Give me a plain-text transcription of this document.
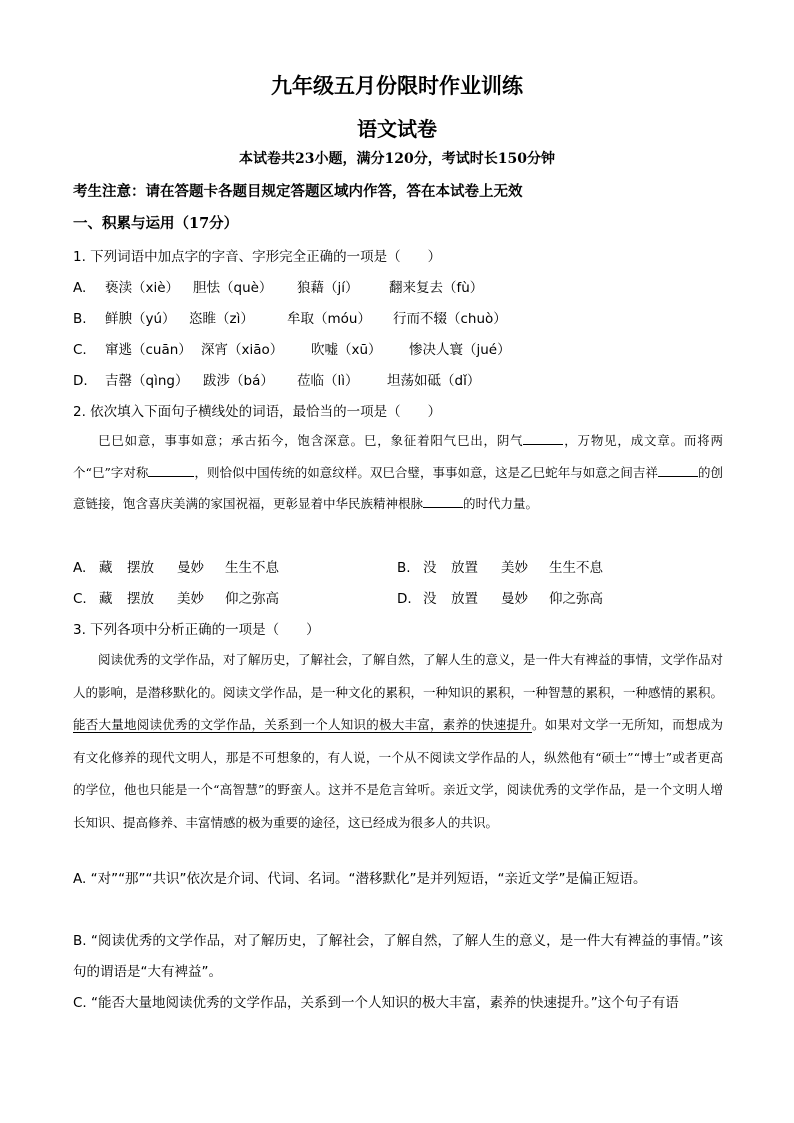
九年级五月份限时作业训练
语文试卷
本试卷共23小题，满分120分，考试时长150分钟
考生注意：请在答题卡各题目规定答题区域内作答，答在本试卷上无效
一、积累与运用（17分）
1. 下列词语中加点字的字音、字形完全正确的一项是（　　）
A. 亵渎（xiè） 胆怯（què） 狼藉（jí） 翻来复去（fù）
B. 鲜腴（yú） 恣睢（zì） 牟取（móu） 行而不辍（chuò）
C. 窜逃（cuān） 深宵（xiāo） 吹嘘（xū） 惨决人寰（jué）
D. 吉罄（qìng） 跋涉（bá） 莅临（lì） 坦荡如砥（dǐ）
2. 依次填入下面句子横线处的词语，最恰当的一项是（　　）

巳巳如意，事事如意；承古拓今，饱含深意。巳，象征着阳气巳出，阴气	，万物见，成文章。而将两个“巳”字对称	，则恰似中国传统的如意纹样。双巳合璧，事事如意，这是乙巳蛇年与如意之间吉祥	的创意链接，饱含喜庆美满的家国祝福，更彰显着中华民族精神根脉	的时代力量。

A. 藏 摆放 曼妙 生生不息	B. 没 放置 美妙 生生不息
C. 藏 摆放 美妙 仰之弥高	D. 没 放置 曼妙 仰之弥高
3. 下列各项中分析正确的一项是（　　）

阅读优秀的文学作品，对了解历史，了解社会，了解自然，了解人生的意义，是一件大有裨益的事情，文学作品对人的影响，是潜移默化的。阅读文学作品，是一种文化的累积，一种知识的累积，一种智慧的累积，一种感情的累积。能否大量地阅读优秀的文学作品，关系到一个人知识的极大丰富，素养的快速提升。如果对文学一无所知，而想成为有文化修养的现代文明人，那是不可想象的，有人说，一个从不阅读文学作品的人，纵然他有“硕士”“博士”或者更高的学位，他也只能是一个“高智慧”的野蛮人。这并不是危言耸听。亲近文学，阅读优秀的文学作品，是一个文明人增长知识、提高修养、丰富情感的极为重要的途径，这已经成为很多人的共识。

A. “对”“那”“共识”依次是介词、代词、名词。“潜移默化”是并列短语，“亲近文学”是偏正短语。

B. “阅读优秀的文学作品，对了解历史，了解社会，了解自然，了解人生的意义，是一件大有裨益的事情。”该句的谓语是“大有裨益”。

C. “能否大量地阅读优秀的文学作品，关系到一个人知识的极大丰富，素养的快速提升。”这个句子有语
